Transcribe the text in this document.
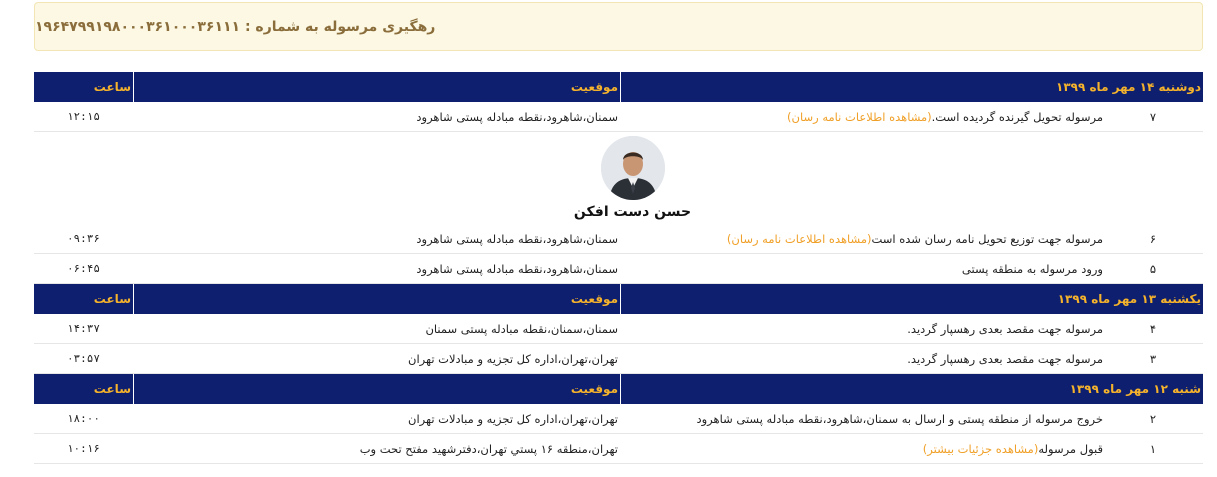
رهگیری مرسوله به شماره : ۱۹۶۴۷۹۹۱۹۸۰۰۰۳۶۱۰۰۰۳۶۱۱۱
دوشنبه ۱۴ مهر ماه ۱۳۹۹
موقعیت
ساعت
۷
مرسوله تحویل گیرنده گردیده است.(مشاهده اطلاعات نامه رسان)
سمنان،شاهرود،نقطه مبادله پستی شاهرود
۱۲:۱۵
حسن دست افکن
۶
مرسوله جهت توزیع تحویل نامه رسان شده است(مشاهده اطلاعات نامه رسان)
سمنان،شاهرود،نقطه مبادله پستی شاهرود
۰۹:۳۶
۵
ورود مرسوله به منطقه پستی
سمنان،شاهرود،نقطه مبادله پستی شاهرود
۰۶:۴۵
یکشنبه ۱۳ مهر ماه ۱۳۹۹
موقعیت
ساعت
۴
مرسوله جهت مقصد بعدی رهسپار گردید.
سمنان،سمنان،نقطه مبادله پستی سمنان
۱۴:۳۷
۳
مرسوله جهت مقصد بعدی رهسپار گردید.
تهران،تهران،اداره کل تجزیه و مبادلات تهران
۰۳:۵۷
شنبه ۱۲ مهر ماه ۱۳۹۹
موقعیت
ساعت
۲
خروج مرسوله از منطقه پستی و ارسال به سمنان،شاهرود،نقطه مبادله پستی شاهرود
تهران،تهران،اداره کل تجزیه و مبادلات تهران
۱۸:۰۰
۱
قبول مرسوله(مشاهده جزئیات بیشتر)
تهران،منطقه ۱۶ پستي تهران،دفترشهید مفتح تحت وب
۱۰:۱۶
